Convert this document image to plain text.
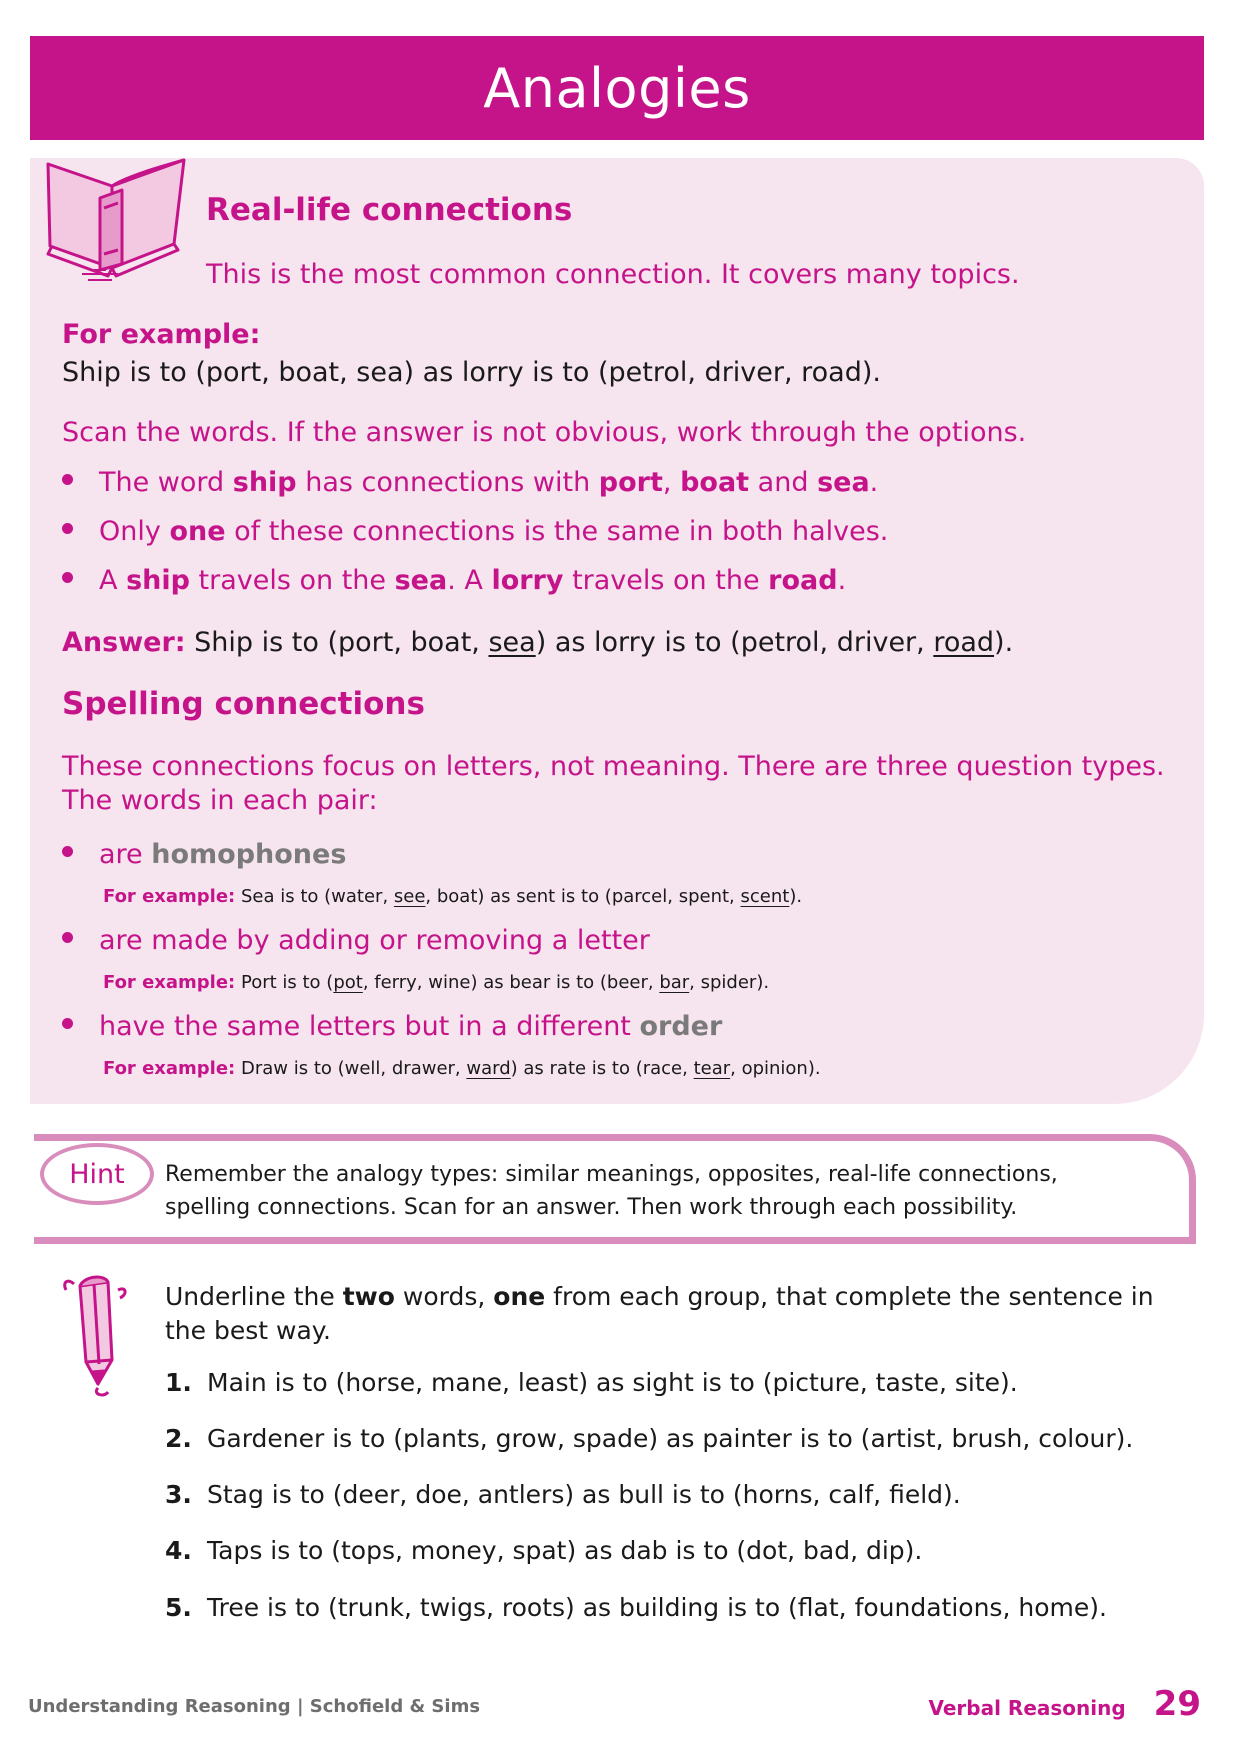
Analogies
Real-life connections

This is the most common connection. It covers many topics.

For example:

Ship is to (port, boat, sea) as lorry is to (petrol, driver, road).

Scan the words. If the answer is not obvious, work through the options.

The word ship has connections with port, boat and sea.
Only one of these connections is the same in both halves.
A ship travels on the sea. A lorry travels on the road.

Answer: Ship is to (port, boat, sea) as lorry is to (petrol, driver, road).

Spelling connections

These connections focus on letters, not meaning. There are three question types.
The words in each pair:

are homophones
For example: Sea is to (water, see, boat) as sent is to (parcel, spent, scent).
are made by adding or removing a letter
For example: Port is to (pot, ferry, wine) as bear is to (beer, bar, spider).
have the same letters but in a different order
For example: Draw is to (well, drawer, ward) as rate is to (race, tear, opinion).
Hint Remember the analogy types: similar meanings, opposites, real-life connections,
spelling connections. Scan for an answer. Then work through each possibility.

Underline the two words, one from each group, that complete the sentence in
the best way.

1. Main is to (horse, mane, least) as sight is to (picture, taste, site).
2. Gardener is to (plants, grow, spade) as painter is to (artist, brush, colour).
3. Stag is to (deer, doe, antlers) as bull is to (horns, calf, field).
4. Taps is to (tops, money, spat) as dab is to (dot, bad, dip).
5. Tree is to (trunk, twigs, roots) as building is to (flat, foundations, home).
Understanding Reasoning | Schofield & Sims	Verbal Reasoning 29
